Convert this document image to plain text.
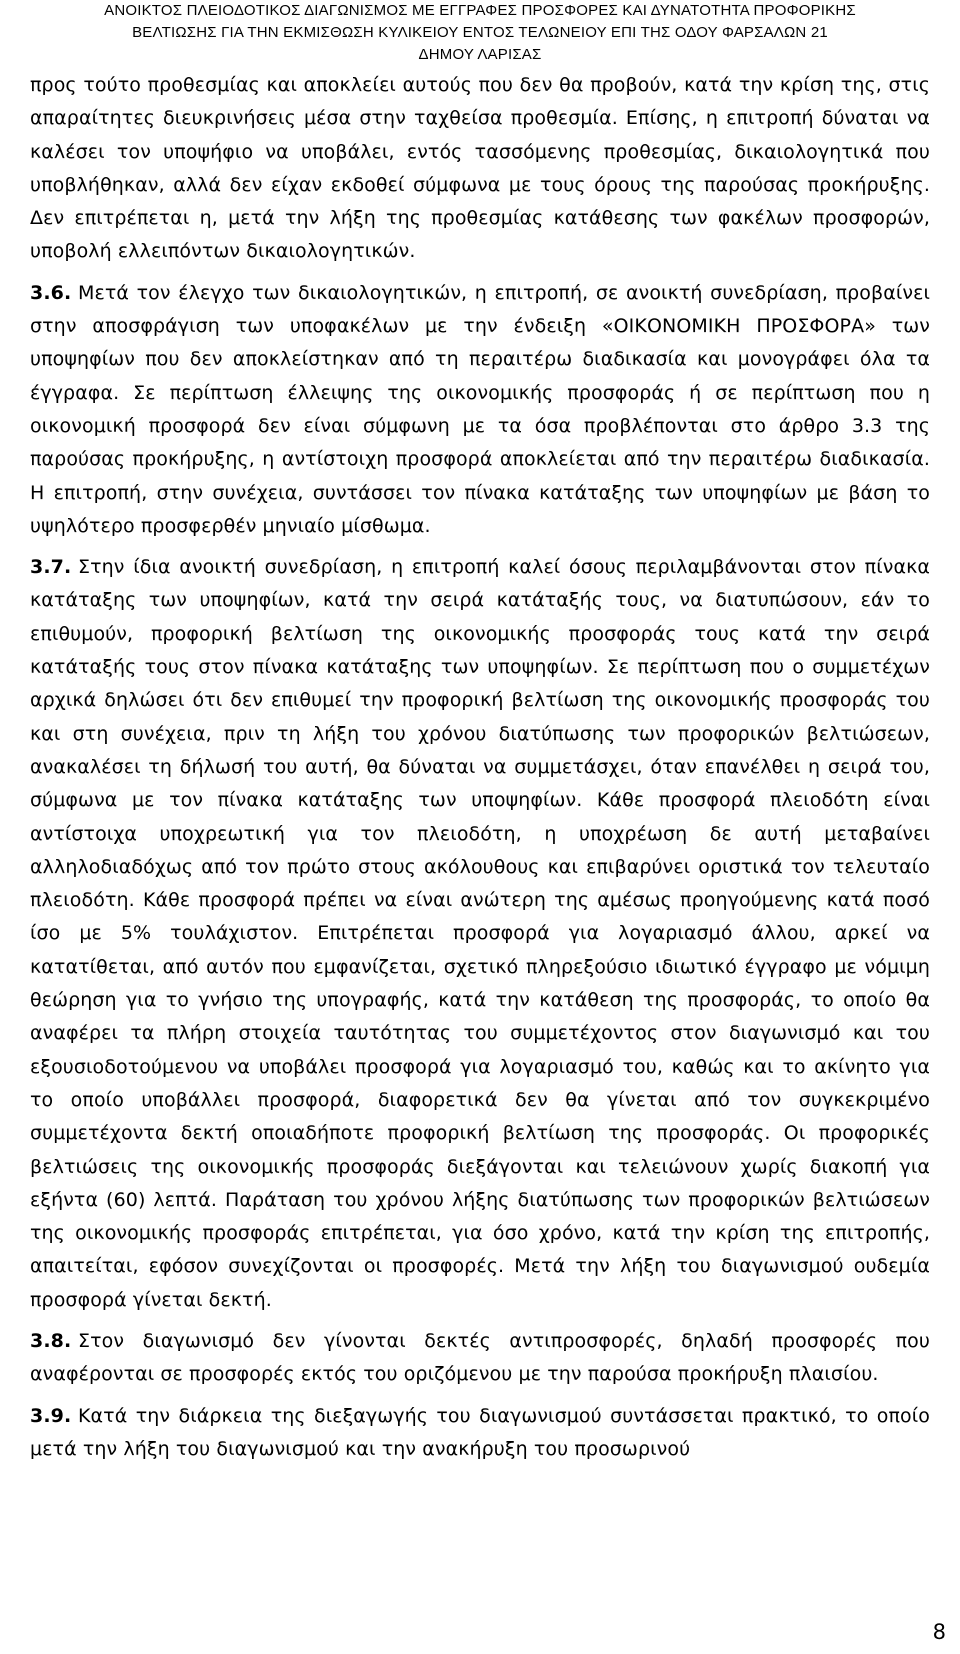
ΑΝΟΙΚΤΟΣ ΠΛΕΙΟΔΟΤΙΚΟΣ ΔΙΑΓΩΝΙΣΜΟΣ ΜΕ ΕΓΓΡΑΦΕΣ ΠΡΟΣΦΟΡΕΣ ΚΑΙ ΔΥΝΑΤΟΤΗΤΑ ΠΡΟΦΟΡΙΚΗΣ
ΒΕΛΤΙΩΣΗΣ ΓΙΑ ΤΗΝ ΕΚΜΙΣΘΩΣΗ ΚΥΛΙΚΕΙΟΥ ΕΝΤΟΣ ΤΕΛΩΝΕΙΟΥ ΕΠΙ ΤΗΣ ΟΔΟΥ ΦΑΡΣΑΛΩΝ 21
ΔΗΜΟΥ ΛΑΡΙΣΑΣ

προς τούτο προθεσμίας και αποκλείει αυτούς που δεν θα προβούν, κατά την κρίση της, στις απαραίτητες διευκρινήσεις μέσα στην ταχθείσα προθεσμία. Επίσης, η επιτροπή δύναται να καλέσει τον υποψήφιο να υποβάλει, εντός τασσόμενης προθεσμίας, δικαιολογητικά που υποβλήθηκαν, αλλά δεν είχαν εκδοθεί σύμφωνα με τους όρους της παρούσας προκήρυξης. Δεν επιτρέπεται η, μετά την λήξη της προθεσμίας κατάθεσης των φακέλων προσφορών, υποβολή ελλειπόντων δικαιολογητικών.

3.6. Μετά τον έλεγχο των δικαιολογητικών, η επιτροπή, σε ανοικτή συνεδρίαση, προβαίνει στην αποσφράγιση των υποφακέλων με την ένδειξη «ΟΙΚΟΝΟΜΙΚΗ ΠΡΟΣΦΟΡΑ» των υποψηφίων που δεν αποκλείστηκαν από τη περαιτέρω διαδικασία και μονογράφει όλα τα έγγραφα. Σε περίπτωση έλλειψης της οικονομικής προσφοράς ή σε περίπτωση που η οικονομική προσφορά δεν είναι σύμφωνη με τα όσα προβλέπονται στο άρθρο 3.3 της παρούσας προκήρυξης, η αντίστοιχη προσφορά αποκλείεται από την περαιτέρω διαδικασία. Η επιτροπή, στην συνέχεια, συντάσσει τον πίνακα κατάταξης των υποψηφίων με βάση το υψηλότερο προσφερθέν μηνιαίο μίσθωμα.

3.7. Στην ίδια ανοικτή συνεδρίαση, η επιτροπή καλεί όσους περιλαμβάνονται στον πίνακα κατάταξης των υποψηφίων, κατά την σειρά κατάταξής τους, να διατυπώσουν, εάν το επιθυμούν, προφορική βελτίωση της οικονομικής προσφοράς τους κατά την σειρά κατάταξής τους στον πίνακα κατάταξης των υποψηφίων. Σε περίπτωση που ο συμμετέχων αρχικά δηλώσει ότι δεν επιθυμεί την προφορική βελτίωση της οικονομικής προσφοράς του και στη συνέχεια, πριν τη λήξη του χρόνου διατύπωσης των προφορικών βελτιώσεων, ανακαλέσει τη δήλωσή του αυτή, θα δύναται να συμμετάσχει, όταν επανέλθει η σειρά του, σύμφωνα με τον πίνακα κατάταξης των υποψηφίων. Κάθε προσφορά πλειοδότη είναι αντίστοιχα υποχρεωτική για τον πλειοδότη, η υποχρέωση δε αυτή μεταβαίνει αλληλοδιαδόχως από τον πρώτο στους ακόλουθους και επιβαρύνει οριστικά τον τελευταίο πλειοδότη. Κάθε προσφορά πρέπει να είναι ανώτερη της αμέσως προηγούμενης κατά ποσό ίσο με 5% τουλάχιστον. Επιτρέπεται προσφορά για λογαριασμό άλλου, αρκεί να κατατίθεται, από αυτόν που εμφανίζεται, σχετικό πληρεξούσιο ιδιωτικό έγγραφο με νόμιμη θεώρηση για το γνήσιο της υπογραφής, κατά την κατάθεση της προσφοράς, το οποίο θα αναφέρει τα πλήρη στοιχεία ταυτότητας του συμμετέχοντος στον διαγωνισμό και του εξουσιοδοτούμενου να υποβάλει προσφορά για λογαριασμό του, καθώς και το ακίνητο για το οποίο υποβάλλει προσφορά, διαφορετικά δεν θα γίνεται από τον συγκεκριμένο συμμετέχοντα δεκτή οποιαδήποτε προφορική βελτίωση της προσφοράς. Οι προφορικές βελτιώσεις της οικονομικής προσφοράς διεξάγονται και τελειώνουν χωρίς διακοπή για εξήντα (60) λεπτά. Παράταση του χρόνου λήξης διατύπωσης των προφορικών βελτιώσεων της οικονομικής προσφοράς επιτρέπεται, για όσο χρόνο, κατά την κρίση της επιτροπής, απαιτείται, εφόσον συνεχίζονται οι προσφορές. Μετά την λήξη του διαγωνισμού ουδεμία προσφορά γίνεται δεκτή.

3.8. Στον διαγωνισμό δεν γίνονται δεκτές αντιπροσφορές, δηλαδή προσφορές που αναφέρονται σε προσφορές εκτός του οριζόμενου με την παρούσα προκήρυξη πλαισίου.

3.9. Κατά την διάρκεια της διεξαγωγής του διαγωνισμού συντάσσεται πρακτικό, το οποίο μετά την λήξη του διαγωνισμού και την ανακήρυξη του προσωρινού

8
